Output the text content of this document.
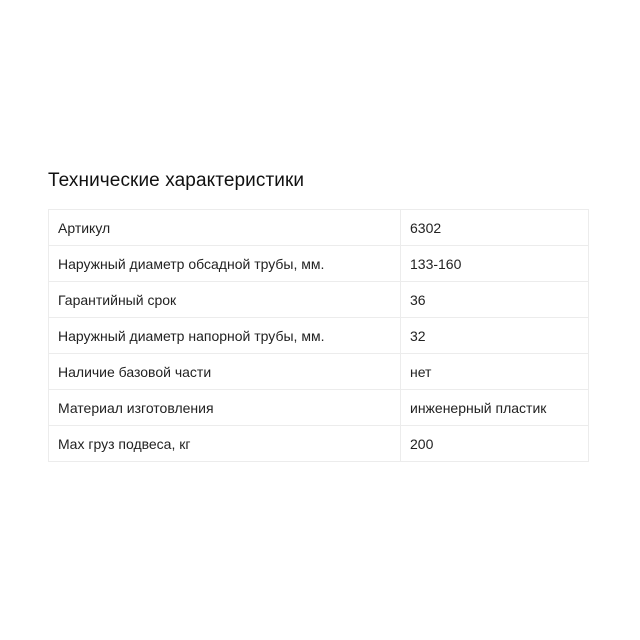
Технические характеристики
Артикул	6302
Наружный диаметр обсадной трубы, мм.	133-160
Гарантийный срок	36
Наружный диаметр напорной трубы, мм.	32
Наличие базовой части	нет
Материал изготовления	инженерный пластик
Max груз подвеса, кг	200
